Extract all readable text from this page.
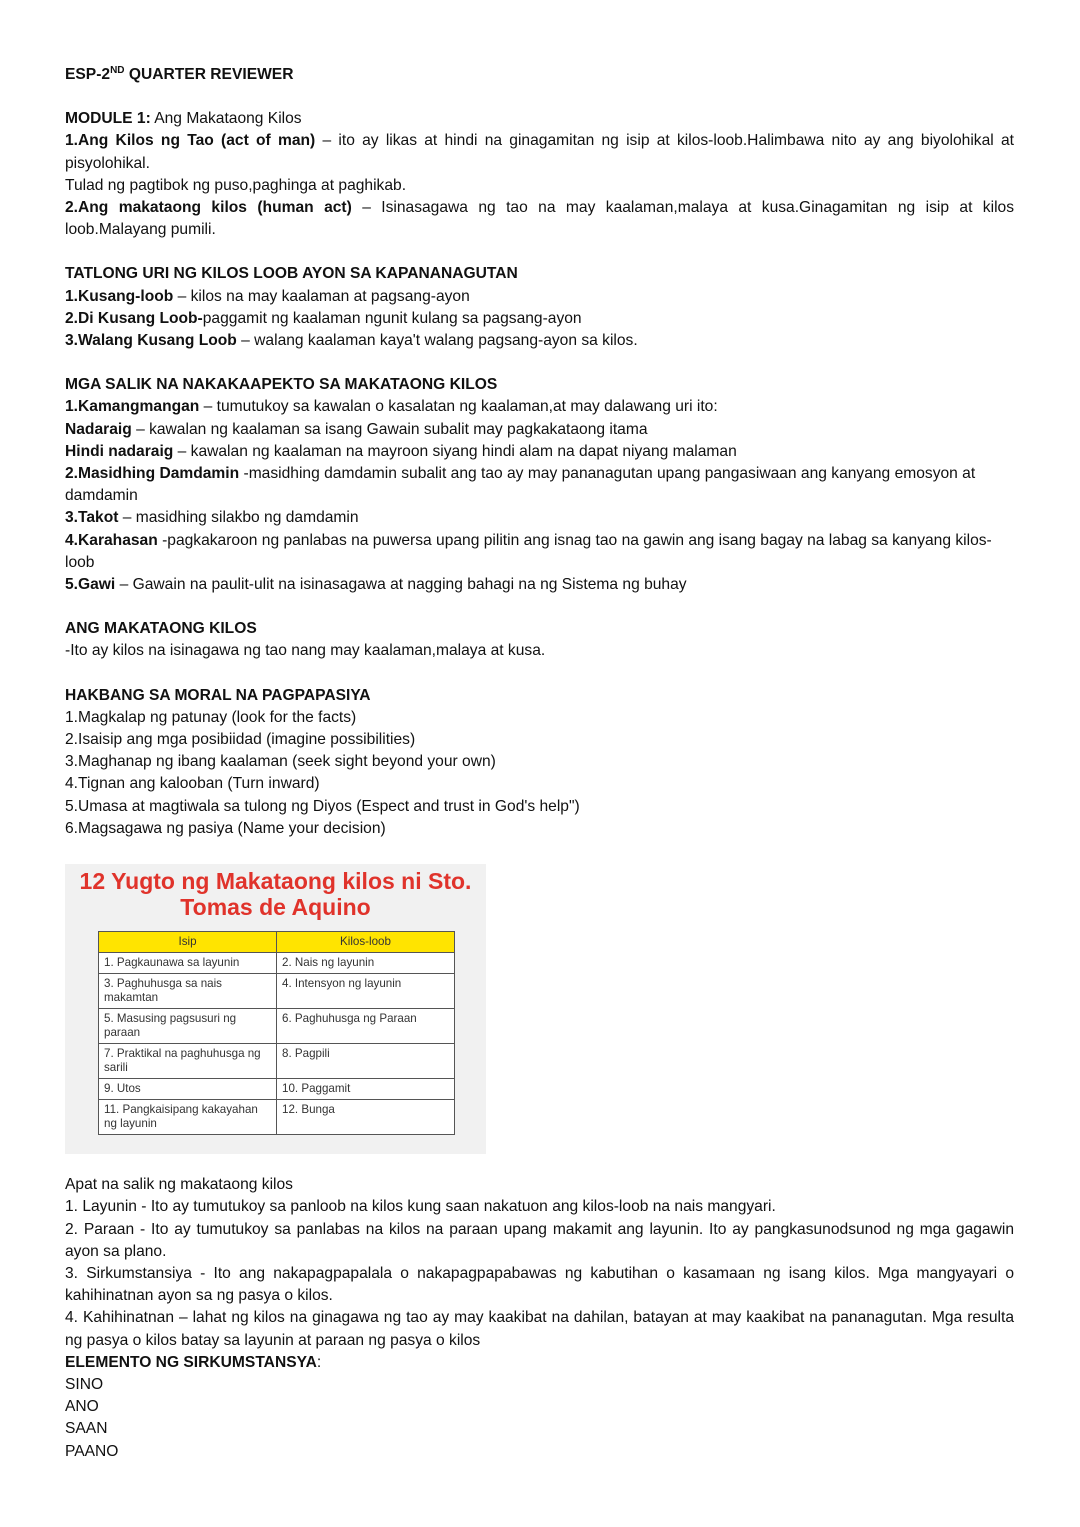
ESP-2ND QUARTER REVIEWER

MODULE 1: Ang Makataong Kilos

1.Ang Kilos ng Tao (act of man) – ito ay likas at hindi na ginagamitan ng isip at kilos-loob.Halimbawa nito ay ang biyolohikal at pisyolohikal.

Tulad ng pagtibok ng puso,paghinga at paghikab.

2.Ang makataong kilos (human act) – Isinasagawa ng tao na may kaalaman,malaya at kusa.Ginagamitan ng isip at kilos loob.Malayang pumili.

TATLONG URI NG KILOS LOOB AYON SA KAPANANAGUTAN

1.Kusang-loob – kilos na may kaalaman at pagsang-ayon

2.Di Kusang Loob-paggamit ng kaalaman ngunit kulang sa pagsang-ayon

3.Walang Kusang Loob – walang kaalaman kaya't walang pagsang-ayon sa kilos.

MGA SALIK NA NAKAKAAPEKTO SA MAKATAONG KILOS

1.Kamangmangan – tumutukoy sa kawalan o kasalatan ng kaalaman,at may dalawang uri ito:

Nadaraig – kawalan ng kaalaman sa isang Gawain subalit may pagkakataong itama

Hindi nadaraig – kawalan ng kaalaman na mayroon siyang hindi alam na dapat niyang malaman

2.Masidhing Damdamin -masidhing damdamin subalit ang tao ay may pananagutan upang pangasiwaan ang kanyang emosyon at damdamin

3.Takot – masidhing silakbo ng damdamin

4.Karahasan -pagkakaroon ng panlabas na puwersa upang pilitin ang isnag tao na gawin ang isang bagay na labag sa kanyang kilos-loob

5.Gawi – Gawain na paulit-ulit na isinasagawa at nagging bahagi na ng Sistema ng buhay

ANG MAKATAONG KILOS

-Ito ay kilos na isinagawa ng tao nang may kaalaman,malaya at kusa.

HAKBANG SA MORAL NA PAGPAPASIYA

1.Magkalap ng patunay (look for the facts)

2.Isaisip ang mga posibiidad (imagine possibilities)

3.Maghanap ng ibang kaalaman (seek sight beyond your own)

4.Tignan ang kalooban (Turn inward)

5.Umasa at magtiwala sa tulong ng Diyos (Espect and trust in God's help")

6.Magsagawa ng pasiya (Name your decision)

12 Yugto ng Makataong kilos ni Sto.
Tomas de Aquino
Isip	Kilos-loob
1. Pagkaunawa sa layunin	2. Nais ng layunin
3. Paghuhusga sa nais makamtan	4. Intensyon ng layunin
5. Masusing pagsusuri ng paraan	6. Paghuhusga ng Paraan
7. Praktikal na paghuhusga ng sarili	8. Pagpili
9. Utos	10. Paggamit
11. Pangkaisipang kakayahan ng layunin	12. Bunga

Apat na salik ng makataong kilos

1. Layunin - Ito ay tumutukoy sa panloob na kilos kung saan nakatuon ang kilos-loob na nais mangyari.

2. Paraan - Ito ay tumutukoy sa panlabas na kilos na paraan upang makamit ang layunin. Ito ay pangkasunodsunod ng mga gagawin ayon sa plano.

3. Sirkumstansiya - Ito ang nakapagpapalala o nakapagpapabawas ng kabutihan o kasamaan ng isang kilos. Mga mangyayari o kahihinatnan ayon sa ng pasya o kilos.

4. Kahihinatnan – lahat ng kilos na ginagawa ng tao ay may kaakibat na dahilan, batayan at may kaakibat na pananagutan. Mga resulta ng pasya o kilos batay sa layunin at paraan ng pasya o kilos

ELEMENTO NG SIRKUMSTANSYA:

SINO

ANO

SAAN

PAANO
